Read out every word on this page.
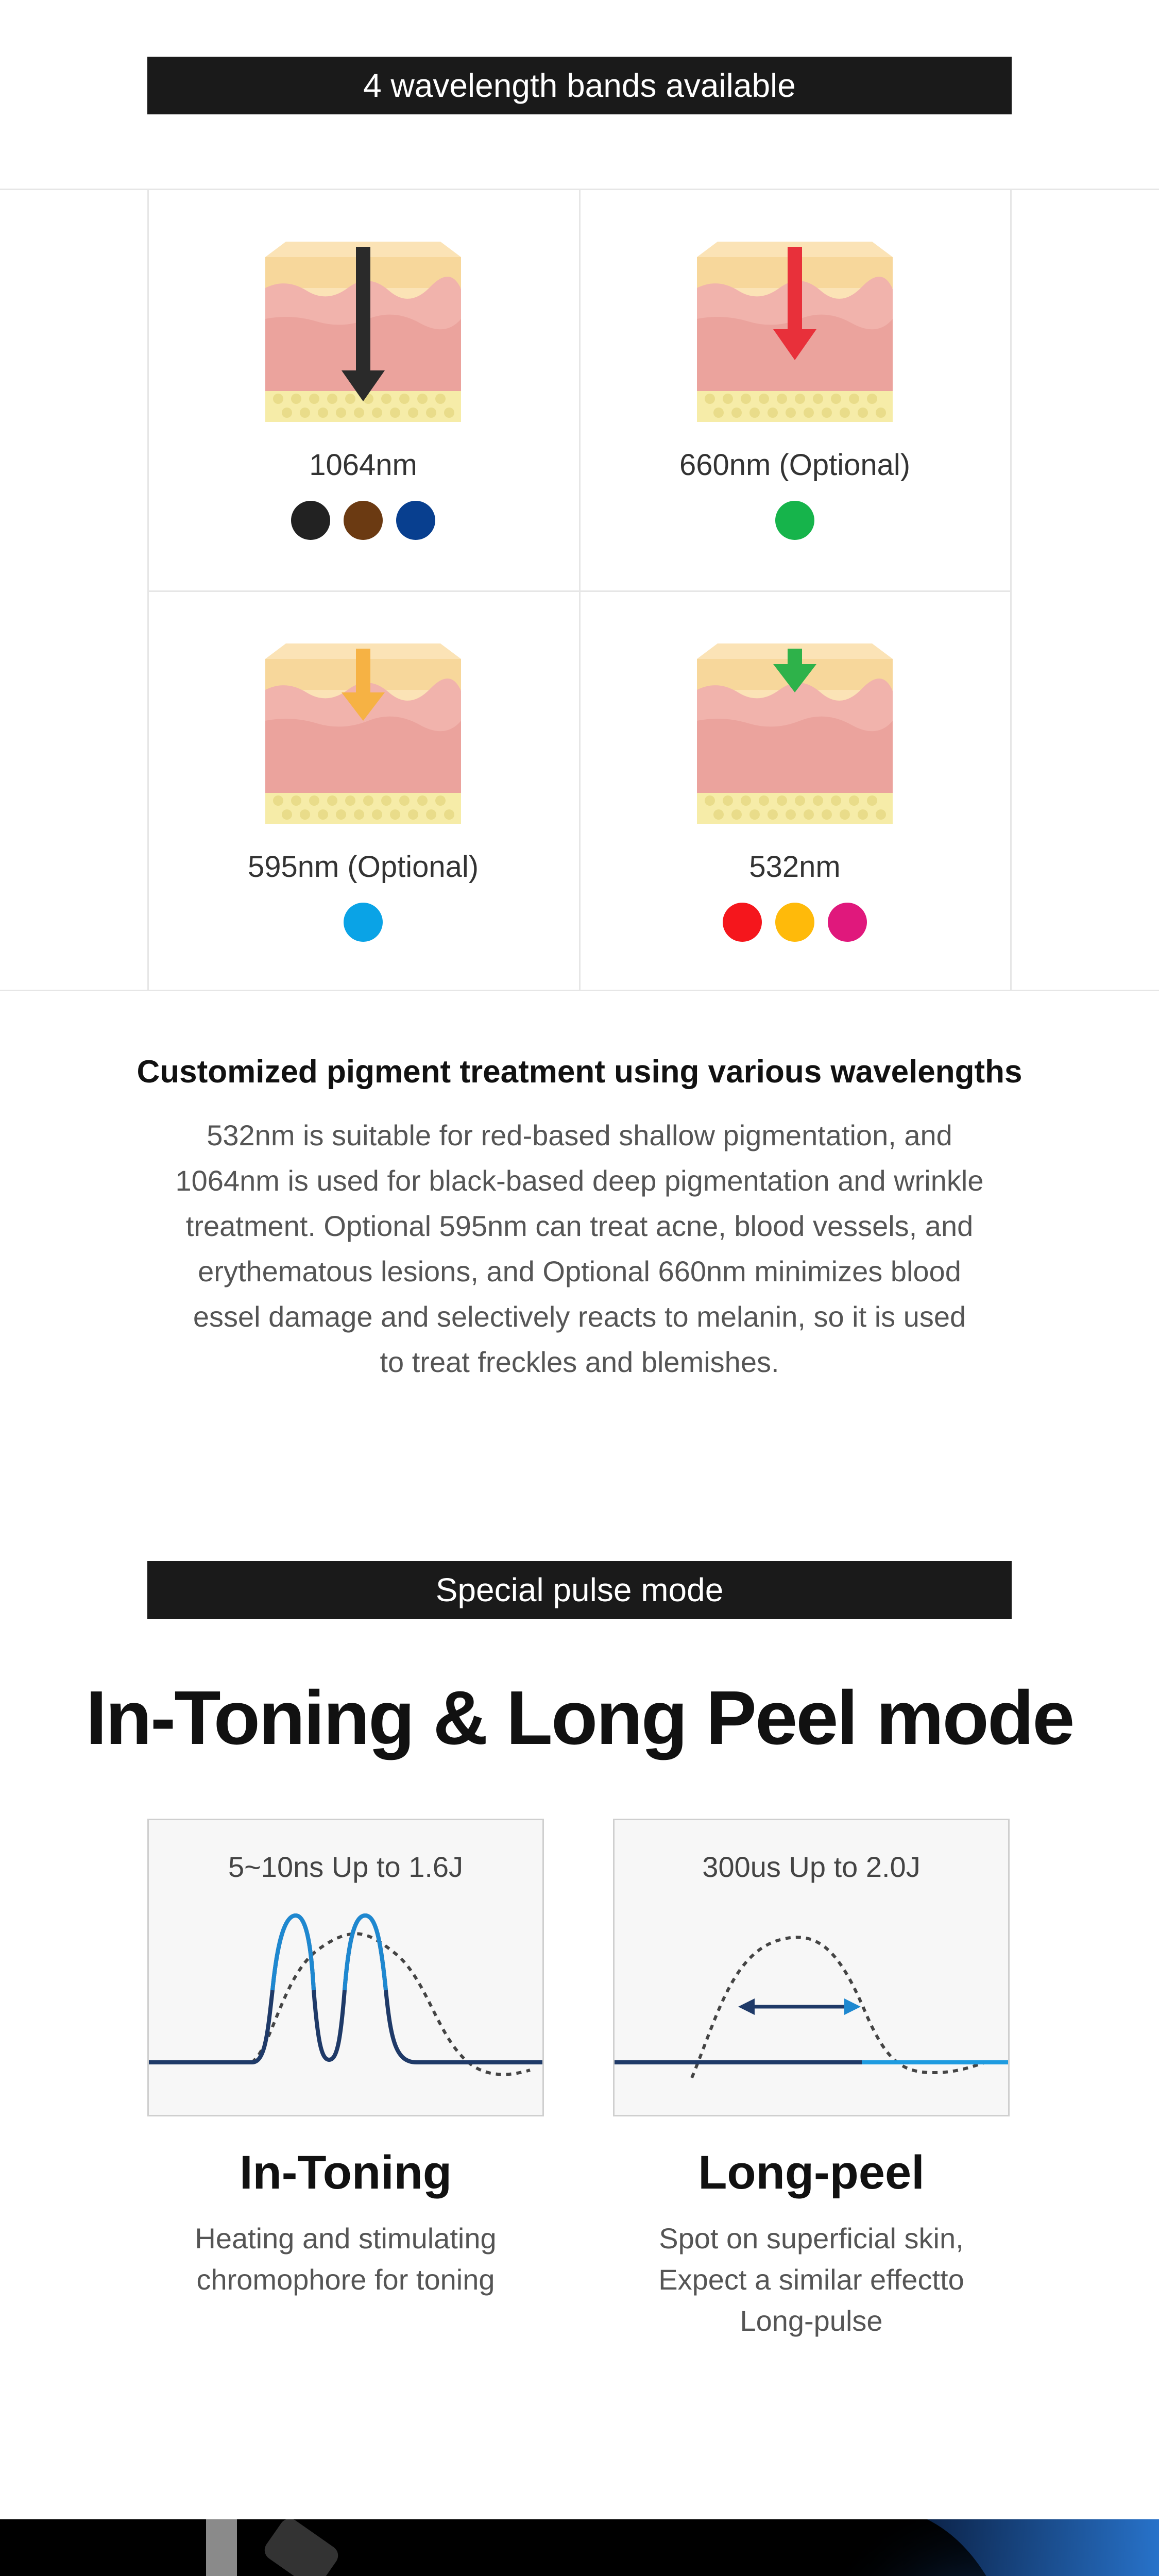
4 wavelength bands available
1064nm	660nm (Optional)
595nm (Optional)	532nm
Customized pigment treatment using various wavelengths
532nm is suitable for red-based shallow pigmentation, and
1064nm is used for black-based deep pigmentation and wrinkle
treatment. Optional 595nm can treat acne, blood vessels, and
erythematous lesions, and Optional 660nm minimizes blood
essel damage and selectively reacts to melanin, so it is used
to treat freckles and blemishes.
Special pulse mode
In-Toning & Long Peel mode
5~10ns Up to 1.6J	300us Up to 2.0J
In-Toning
Heating and stimulating
chromophore for toning
Long-peel
Spot on superficial skin,
Expect a similar effectto
Long-pulse
